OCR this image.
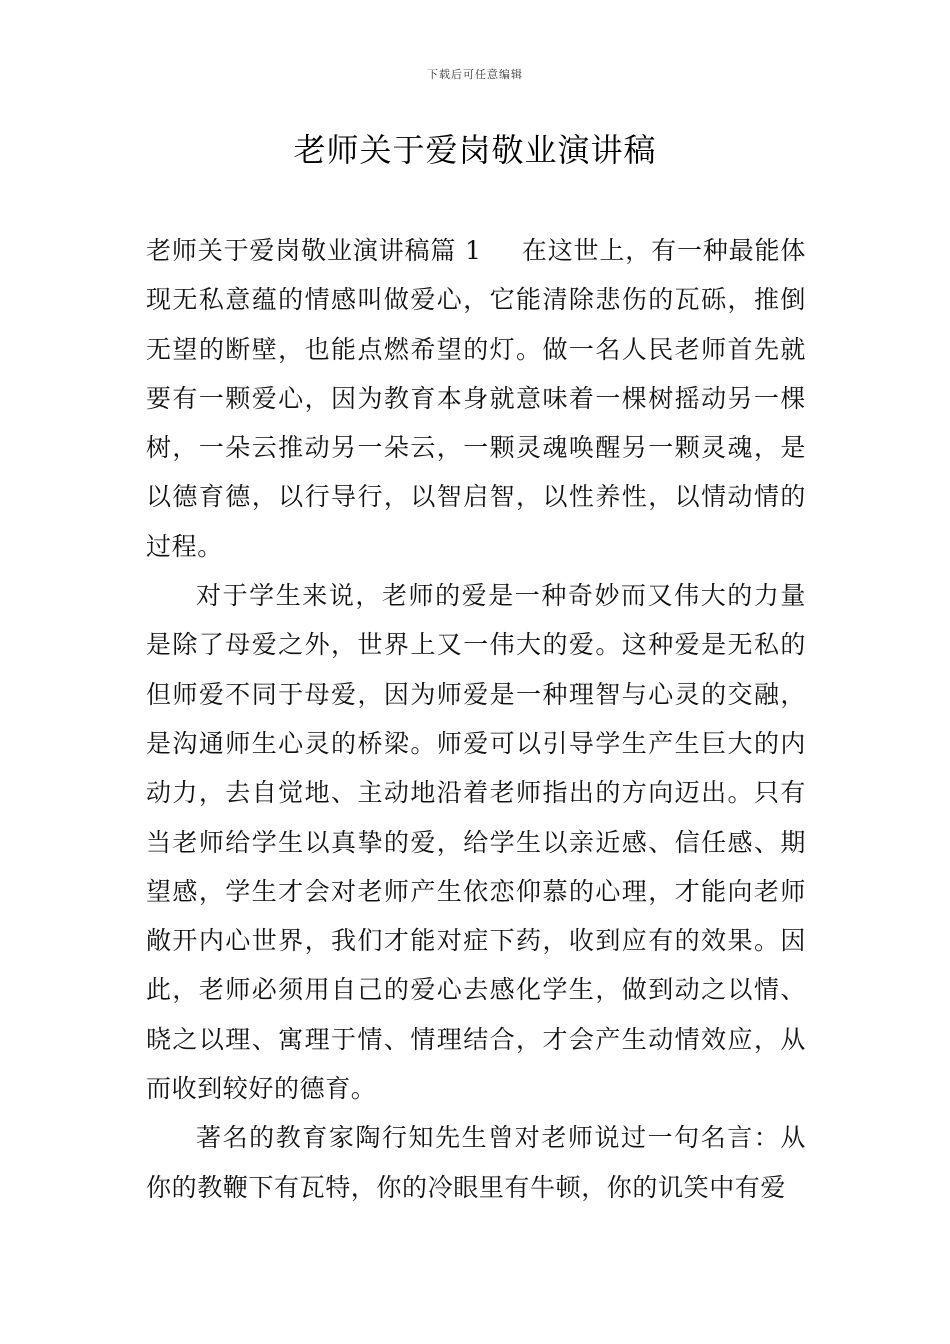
下载后可任意编辑
老师关于爱岗敬业演讲稿

老师关于爱岗敬业演讲稿篇 1 在这世上，有一种最能体现无私意蕴的情感叫做爱心，它能清除悲伤的瓦砾，推倒无望的断壁，也能点燃希望的灯。做一名人民老师首先就要有一颗爱心，因为教育本身就意味着一棵树摇动另一棵树，一朵云推动另一朵云，一颗灵魂唤醒另一颗灵魂，是以德育德，以行导行，以智启智，以性养性，以情动情的过程。

对于学生来说，老师的爱是一种奇妙而又伟大的力量是除了母爱之外，世界上又一伟大的爱。这种爱是无私的但师爱不同于母爱，因为师爱是一种理智与心灵的交融，是沟通师生心灵的桥梁。师爱可以引导学生产生巨大的内动力，去自觉地、主动地沿着老师指出的方向迈出。只有当老师给学生以真挚的爱，给学生以亲近感、信任感、期望感，学生才会对老师产生依恋仰慕的心理，才能向老师敞开内心世界，我们才能对症下药，收到应有的效果。因此，老师必须用自己的爱心去感化学生，做到动之以情、晓之以理、寓理于情、情理结合，才会产生动情效应，从而收到较好的德育。

著名的教育家陶行知先生曾对老师说过一句名言：从你的教鞭下有瓦特，你的冷眼里有牛顿，你的讥笑中有爱
